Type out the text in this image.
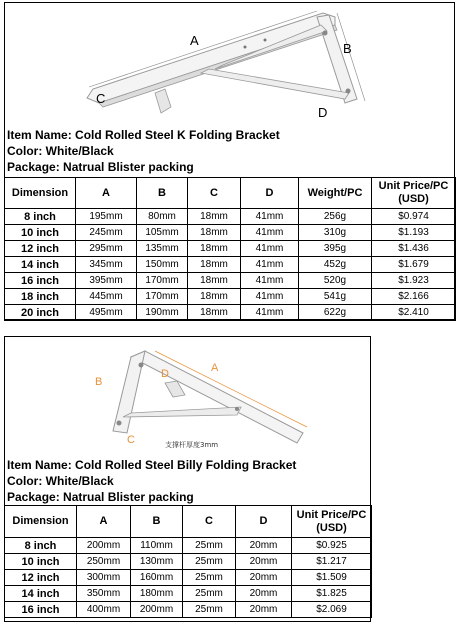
A
B
C
D
Item Name: Cold Rolled Steel K Folding Bracket
Color: White/Black
Package: Natrual Blister packing
Dimension	A	B	C	D	Weight/PC	Unit Price/PC (USD)
8 inch	195mm	80mm	18mm	41mm	256g	$0.974
10 inch	245mm	105mm	18mm	41mm	310g	$1.193
12 inch	295mm	135mm	18mm	41mm	395g	$1.436
14 inch	345mm	150mm	18mm	41mm	452g	$1.679
16 inch	395mm	170mm	18mm	41mm	520g	$1.923
18 inch	445mm	170mm	18mm	41mm	541g	$2.166
20 inch	495mm	190mm	18mm	41mm	622g	$2.410
A
B
C
D
支撑杆厚度3mm
Item Name: Cold Rolled Steel Billy Folding Bracket
Color: White/Black
Package: Natrual Blister packing
Dimension	A	B	C	D	Unit Price/PC (USD)
8 inch	200mm	110mm	25mm	20mm	$0.925
10 inch	250mm	130mm	25mm	20mm	$1.217
12 inch	300mm	160mm	25mm	20mm	$1.509
14 inch	350mm	180mm	25mm	20mm	$1.825
16 inch	400mm	200mm	25mm	20mm	$2.069
